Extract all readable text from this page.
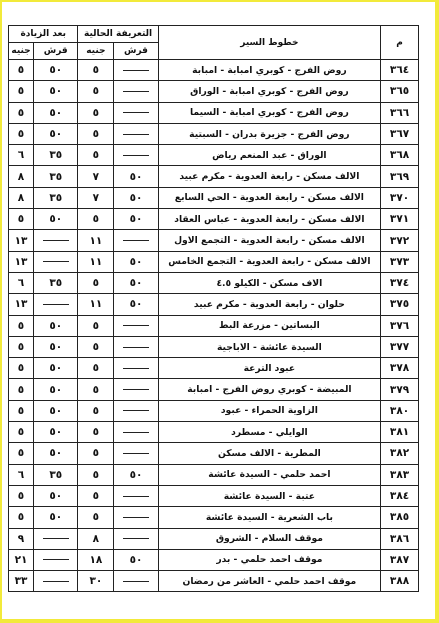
م	خطوط السير	التعريفة الحالية		بعد الزيادة	
		قرش	جنيه	قرش	جنيه
٣٦٤	روض الفرج - كوبري امبابة - امبابة		٥	٥٠	٥
٣٦٥	روض الفرج - كوبري امبابة - الوراق		٥	٥٠	٥
٣٦٦	روض الفرج - كوبري امبابة - السيما		٥	٥٠	٥
٣٦٧	روض الفرج - جزيرة بدران - السبتية		٥	٥٠	٥
٣٦٨	الوراق - عبد المنعم رياض		٥	٣٥	٦
٣٦٩	الالف مسكن - رابعة العدوية - مكرم عبيد	٥٠	٧	٣٥	٨
٣٧٠	الالف مسكن - رابعة العدوية - الحي السابع	٥٠	٧	٣٥	٨
٣٧١	الالف مسكن - رابعة العدوية - عباس العقاد	٥٠	٥	٥٠	٥
٣٧٢	الالف مسكن - رابعة العدوية - التجمع الاول		١١		١٣
٣٧٣	الالف مسكن - رابعة العدوية - التجمع الخامس	٥٠	١١		١٣
٣٧٤	الاف مسكن - الكيلو ٤.٥	٥٠	٥	٣٥	٦
٣٧٥	حلوان - رابعة العدوية - مكرم عبيد	٥٠	١١		١٣
٣٧٦	البساتين - مزرعة البط		٥	٥٠	٥
٣٧٧	السيدة عائشة - الاباجية		٥	٥٠	٥
٣٧٨	عبود الترعة		٥	٥٠	٥
٣٧٩	المبيضة - كوبري روض الفرج - امبابة		٥	٥٠	٥
٣٨٠	الزاوية الحمراء - عبود		٥	٥٠	٥
٣٨١	الوايلي - مسطرد		٥	٥٠	٥
٣٨٢	المطرية - الالف مسكن		٥	٥٠	٥
٣٨٣	احمد حلمي - السيدة عائشة	٥٠	٥	٣٥	٦
٣٨٤	عتبة - السيدة عائشة		٥	٥٠	٥
٣٨٥	باب الشعرية - السيدة عائشة		٥	٥٠	٥
٣٨٦	موقف السلام - الشروق		٨		٩
٣٨٧	موقف احمد حلمي - بدر	٥٠	١٨		٢١
٣٨٨	موقف احمد حلمي - العاشر من رمضان		٣٠		٣٣
